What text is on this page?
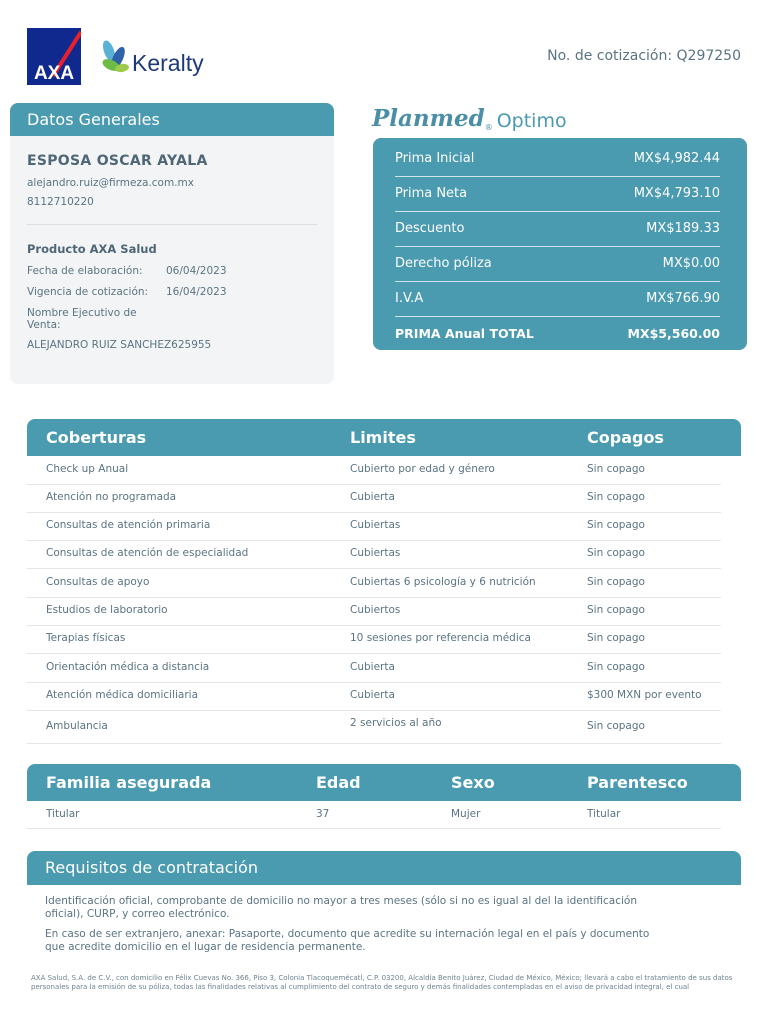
AXA	Keralty	No. de cotización: Q297250
Datos Generales
ESPOSA OSCAR AYALA
alejandro.ruiz@firmeza.com.mx
8112710220
Producto AXA Salud
Fecha de elaboración:	06/04/2023
Vigencia de cotización:	16/04/2023
Nombre Ejecutivo de Venta:
ALEJANDRO RUIZ SANCHEZ625955
Planmed ® Optimo
Prima Inicial	MX$4,982.44
Prima Neta	MX$4,793.10
Descuento	MX$189.33
Derecho póliza	MX$0.00
I.V.A	MX$766.90
PRIMA Anual TOTAL	MX$5,560.00
Coberturas	Limites	Copagos
Check up Anual	Cubierto por edad y género	Sin copago
Atención no programada	Cubierta	Sin copago
Consultas de atención primaria	Cubiertas	Sin copago
Consultas de atención de especialidad	Cubiertas	Sin copago
Consultas de apoyo	Cubiertas 6 psicología y 6 nutrición	Sin copago
Estudios de laboratorio	Cubiertos	Sin copago
Terapias físicas	10 sesiones por referencia médica	Sin copago
Orientación médica a distancia	Cubierta	Sin copago
Atención médica domiciliaria	Cubierta	$300 MXN por evento
Ambulancia	2 servicios al año	Sin copago
Familia asegurada	Edad	Sexo	Parentesco
Titular	37	Mujer	Titular
Requisitos de contratación
Identificación oficial, comprobante de domicilio no mayor a tres meses (sólo si no es igual al del la identificación oficial), CURP, y correo electrónico.
En caso de ser extranjero, anexar: Pasaporte, documento que acredite su internación legal en el país y documento que acredite domicilio en el lugar de residencia permanente.
AXA Salud, S.A. de C.V., con domicilio en Félix Cuevas No. 366, Piso 3, Colonia Tlacoquemécatl, C.P. 03200, Alcaldía Benito Juárez, Ciudad de México, México; llevará a cabo el tratamiento de sus datos personales para la emisión de su póliza, todas las finalidades relativas al cumplimiento del contrato de seguro y demás finalidades contempladas en el aviso de privacidad integral, el cual
